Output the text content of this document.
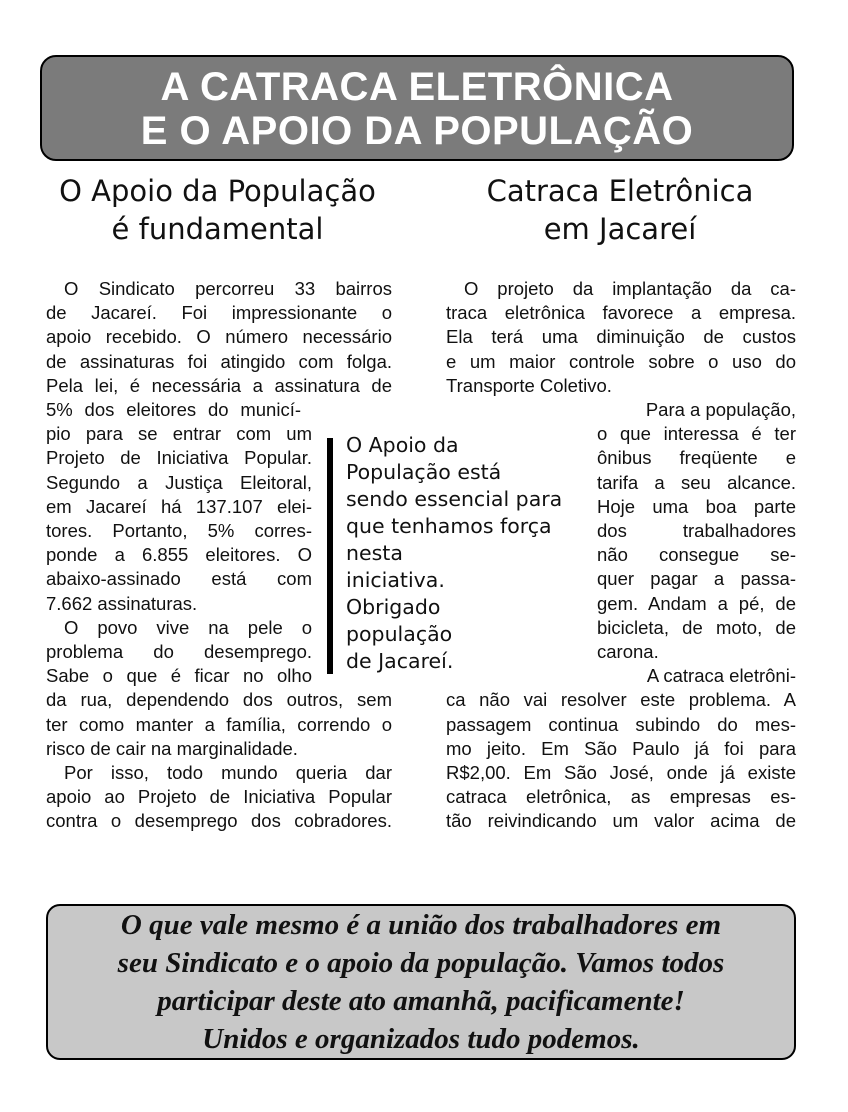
A CATRACA ELETRÔNICA
E O APOIO DA POPULAÇÃO
O Apoio da População
é fundamental
Catraca Eletrônica
em Jacareí
O Sindicato percorreu 33 bairros
de Jacareí. Foi impressionante o
apoio recebido. O número necessário
de assinaturas foi atingido com folga.
Pela lei, é necessária a assinatura de
5% dos eleitores do municí-
pio para se entrar com um
Projeto de Iniciativa Popular.
Segundo a Justiça Eleitoral,
em Jacareí há 137.107 elei-
tores. Portanto, 5% corres-
ponde a 6.855 eleitores. O
abaixo-assinado está com
7.662 assinaturas.
O povo vive na pele o
problema do desemprego.
Sabe o que é ficar no olho
da rua, dependendo dos outros, sem
ter como manter a família, correndo o
risco de cair na marginalidade.
Por isso, todo mundo queria dar
apoio ao Projeto de Iniciativa Popular
contra o desemprego dos cobradores.
O Apoio da
População está
sendo essencial para
que tenhamos força
nesta
iniciativa.
Obrigado
população
de Jacareí.
O projeto da implantação da ca-
traca eletrônica favorece a empresa.
Ela terá uma diminuição de custos
e um maior controle sobre o uso do
Transporte Coletivo.
Para a população,
o que interessa é ter
ônibus freqüente e
tarifa a seu alcance.
Hoje uma boa parte
dos trabalhadores
não consegue se-
quer pagar a passa-
gem. Andam a pé, de
bicicleta, de moto, de
carona.
A catraca eletrôni-
ca não vai resolver este problema. A
passagem continua subindo do mes-
mo jeito. Em São Paulo já foi para
R$2,00. Em São José, onde já existe
catraca eletrônica, as empresas es-
tão reivindicando um valor acima de
O que vale mesmo é a união dos trabalhadores em
seu Sindicato e o apoio da população. Vamos todos
participar deste ato amanhã, pacificamente!
Unidos e organizados tudo podemos.
